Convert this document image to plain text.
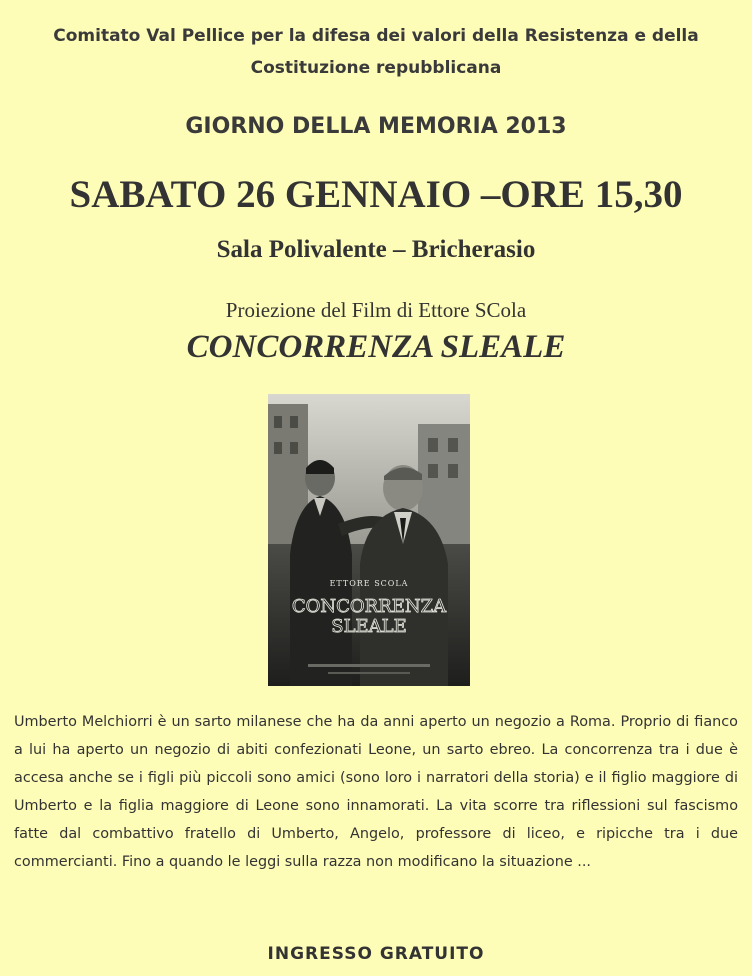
Comitato Val Pellice per la difesa dei valori della Resistenza e della
Costituzione repubblicana
GIORNO DELLA MEMORIA 2013
SABATO 26 GENNAIO –ORE 15,30
Sala Polivalente – Bricherasio
Proiezione del Film di Ettore SCola
CONCORRENZA SLEALE
ETTORE SCOLA
CONCORRENZA
SLEALE
Umberto Melchiorri è un sarto milanese che ha da anni aperto un negozio a Roma. Proprio di fianco a lui ha aperto un negozio di abiti confezionati Leone, un sarto ebreo. La concorrenza tra i due è accesa anche se i figli più piccoli sono amici (sono loro i narratori della storia) e il figlio maggiore di Umberto e la figlia maggiore di Leone sono innamorati. La vita scorre tra riflessioni sul fascismo fatte dal combattivo fratello di Umberto, Angelo, professore di liceo, e ripicche tra i due commercianti. Fino a quando le leggi sulla razza non modificano la situazione ...
INGRESSO GRATUITO
